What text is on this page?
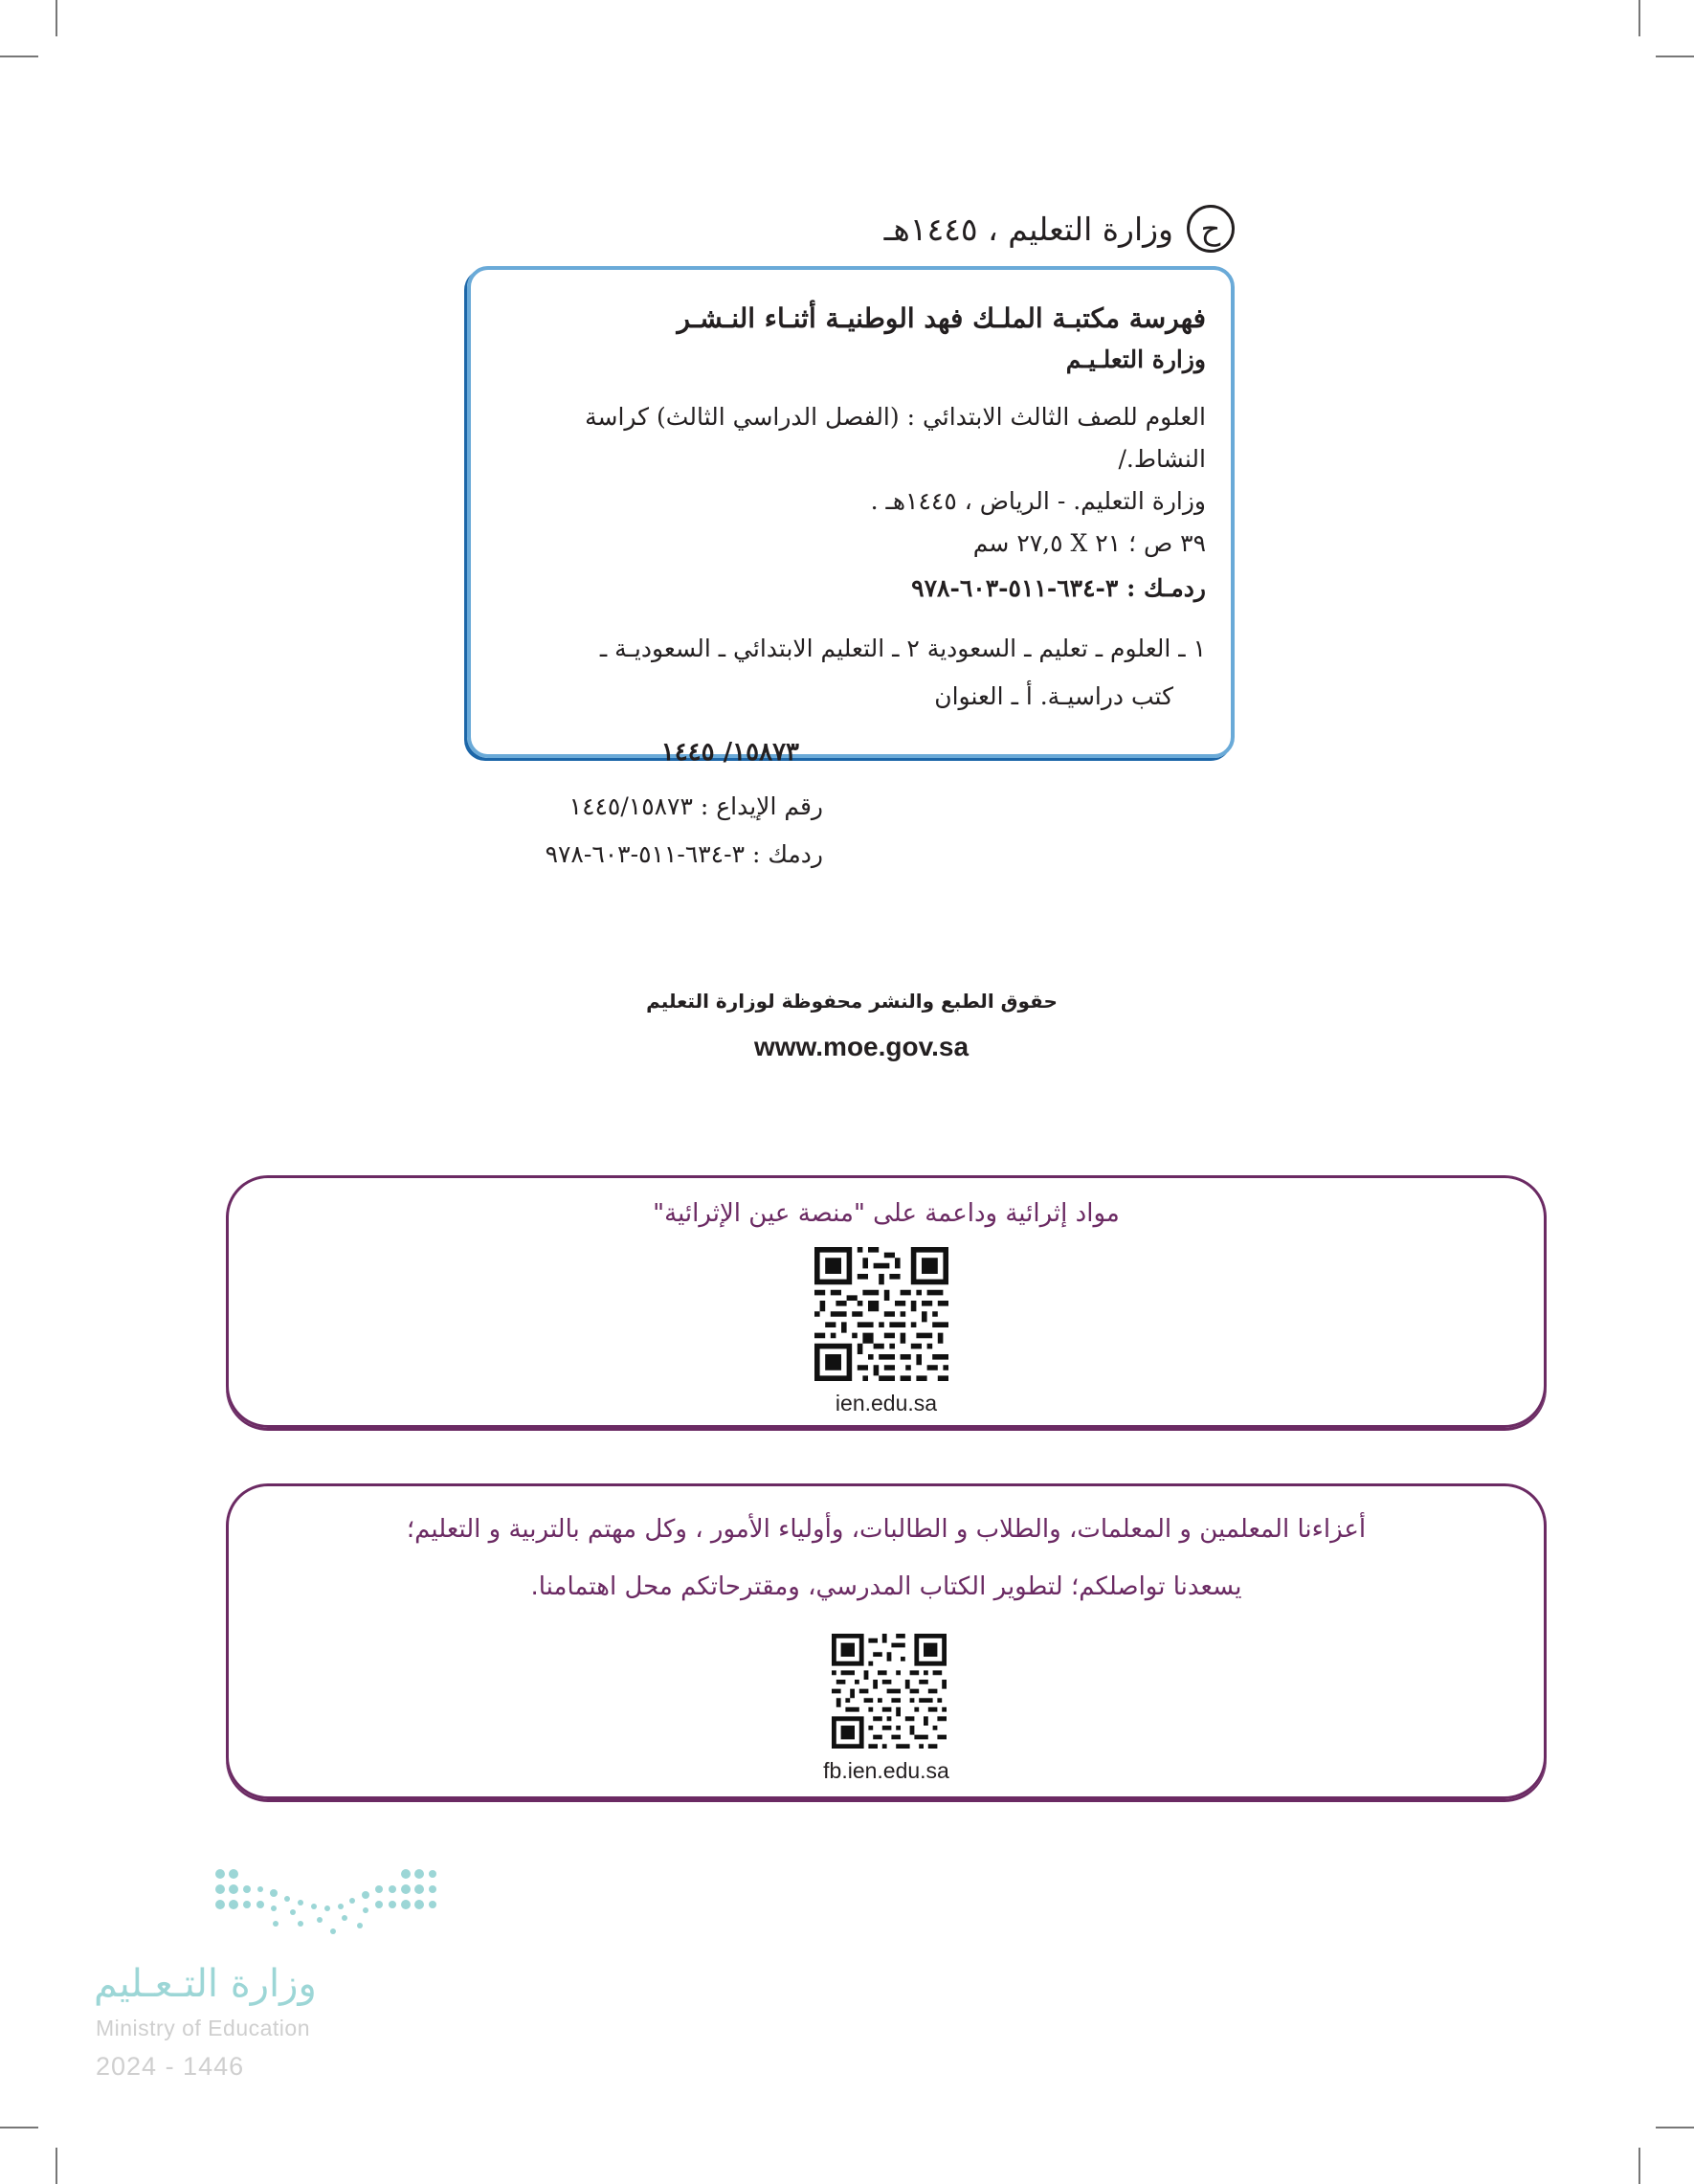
ح
وزارة التعليم ، ١٤٤٥هـ
فهرسة مكتبـة الملـك فهد الوطنيـة أثنـاء النـشـر
وزارة التعلـيـم
العلوم للصف الثالث الابتدائي : (الفصل الدراسي الثالث) كراسة النشاط./
وزارة التعليم. - الرياض ، ١٤٤٥هـ .
٣٩ ص ؛ ٢١ X ٢٧,٥ سم
ردمـك : ٣-٦٣٤-٥١١-٦٠٣-٩٧٨
١ ـ العلوم ـ تعليم ـ السعودية ٢ ـ التعليم الابتدائي ـ السعوديـة ـ
كتب دراسيـة. أ ـ العنوان
١٥٨٧٣/ ١٤٤٥
رقم الإيداع : ١٤٤٥/١٥٨٧٣
ردمك : ٣-٦٣٤-٥١١-٦٠٣-٩٧٨
حقوق الطبع والنشر محفوظة لوزارة التعليم
www.moe.gov.sa
مواد إثرائية وداعمة على "منصة عين الإثرائية"
ien.edu.sa
أعزاءنا المعلمين و المعلمات، والطلاب و الطالبات، وأولياء الأمور ، وكل مهتم بالتربية و التعليم؛
يسعدنا تواصلكم؛ لتطوير الكتاب المدرسي، ومقترحاتكم محل اهتمامنا.
fb.ien.edu.sa
وزارة التـعـليم
Ministry of Education
2024 - 1446
